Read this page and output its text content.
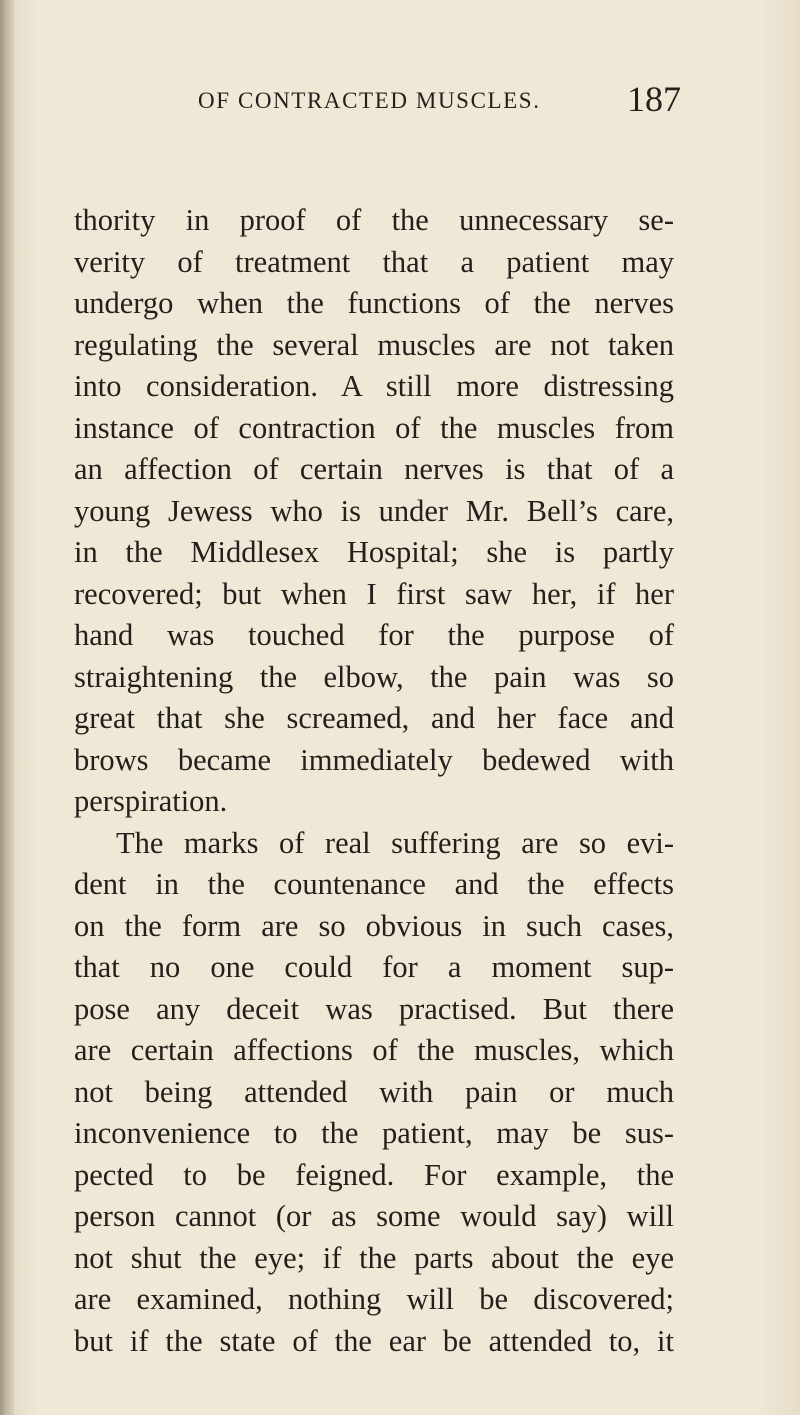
OF CONTRACTED MUSCLES. 187
thority in proof of the unnecessary se-
verity of treatment that a patient may
undergo when the functions of the nerves
regulating the several muscles are not taken
into consideration. A still more distressing
instance of contraction of the muscles from
an affection of certain nerves is that of a
young Jewess who is under Mr. Bell’s care,
in the Middlesex Hospital; she is partly
recovered; but when I first saw her, if her
hand was touched for the purpose of
straightening the elbow, the pain was so
great that she screamed, and her face and
brows became immediately bedewed with
perspiration.
The marks of real suffering are so evi-
dent in the countenance and the effects
on the form are so obvious in such cases,
that no one could for a moment sup-
pose any deceit was practised. But there
are certain affections of the muscles, which
not being attended with pain or much
inconvenience to the patient, may be sus-
pected to be feigned. For example, the
person cannot (or as some would say) will
not shut the eye; if the parts about the eye
are examined, nothing will be discovered;
but if the state of the ear be attended to, it
